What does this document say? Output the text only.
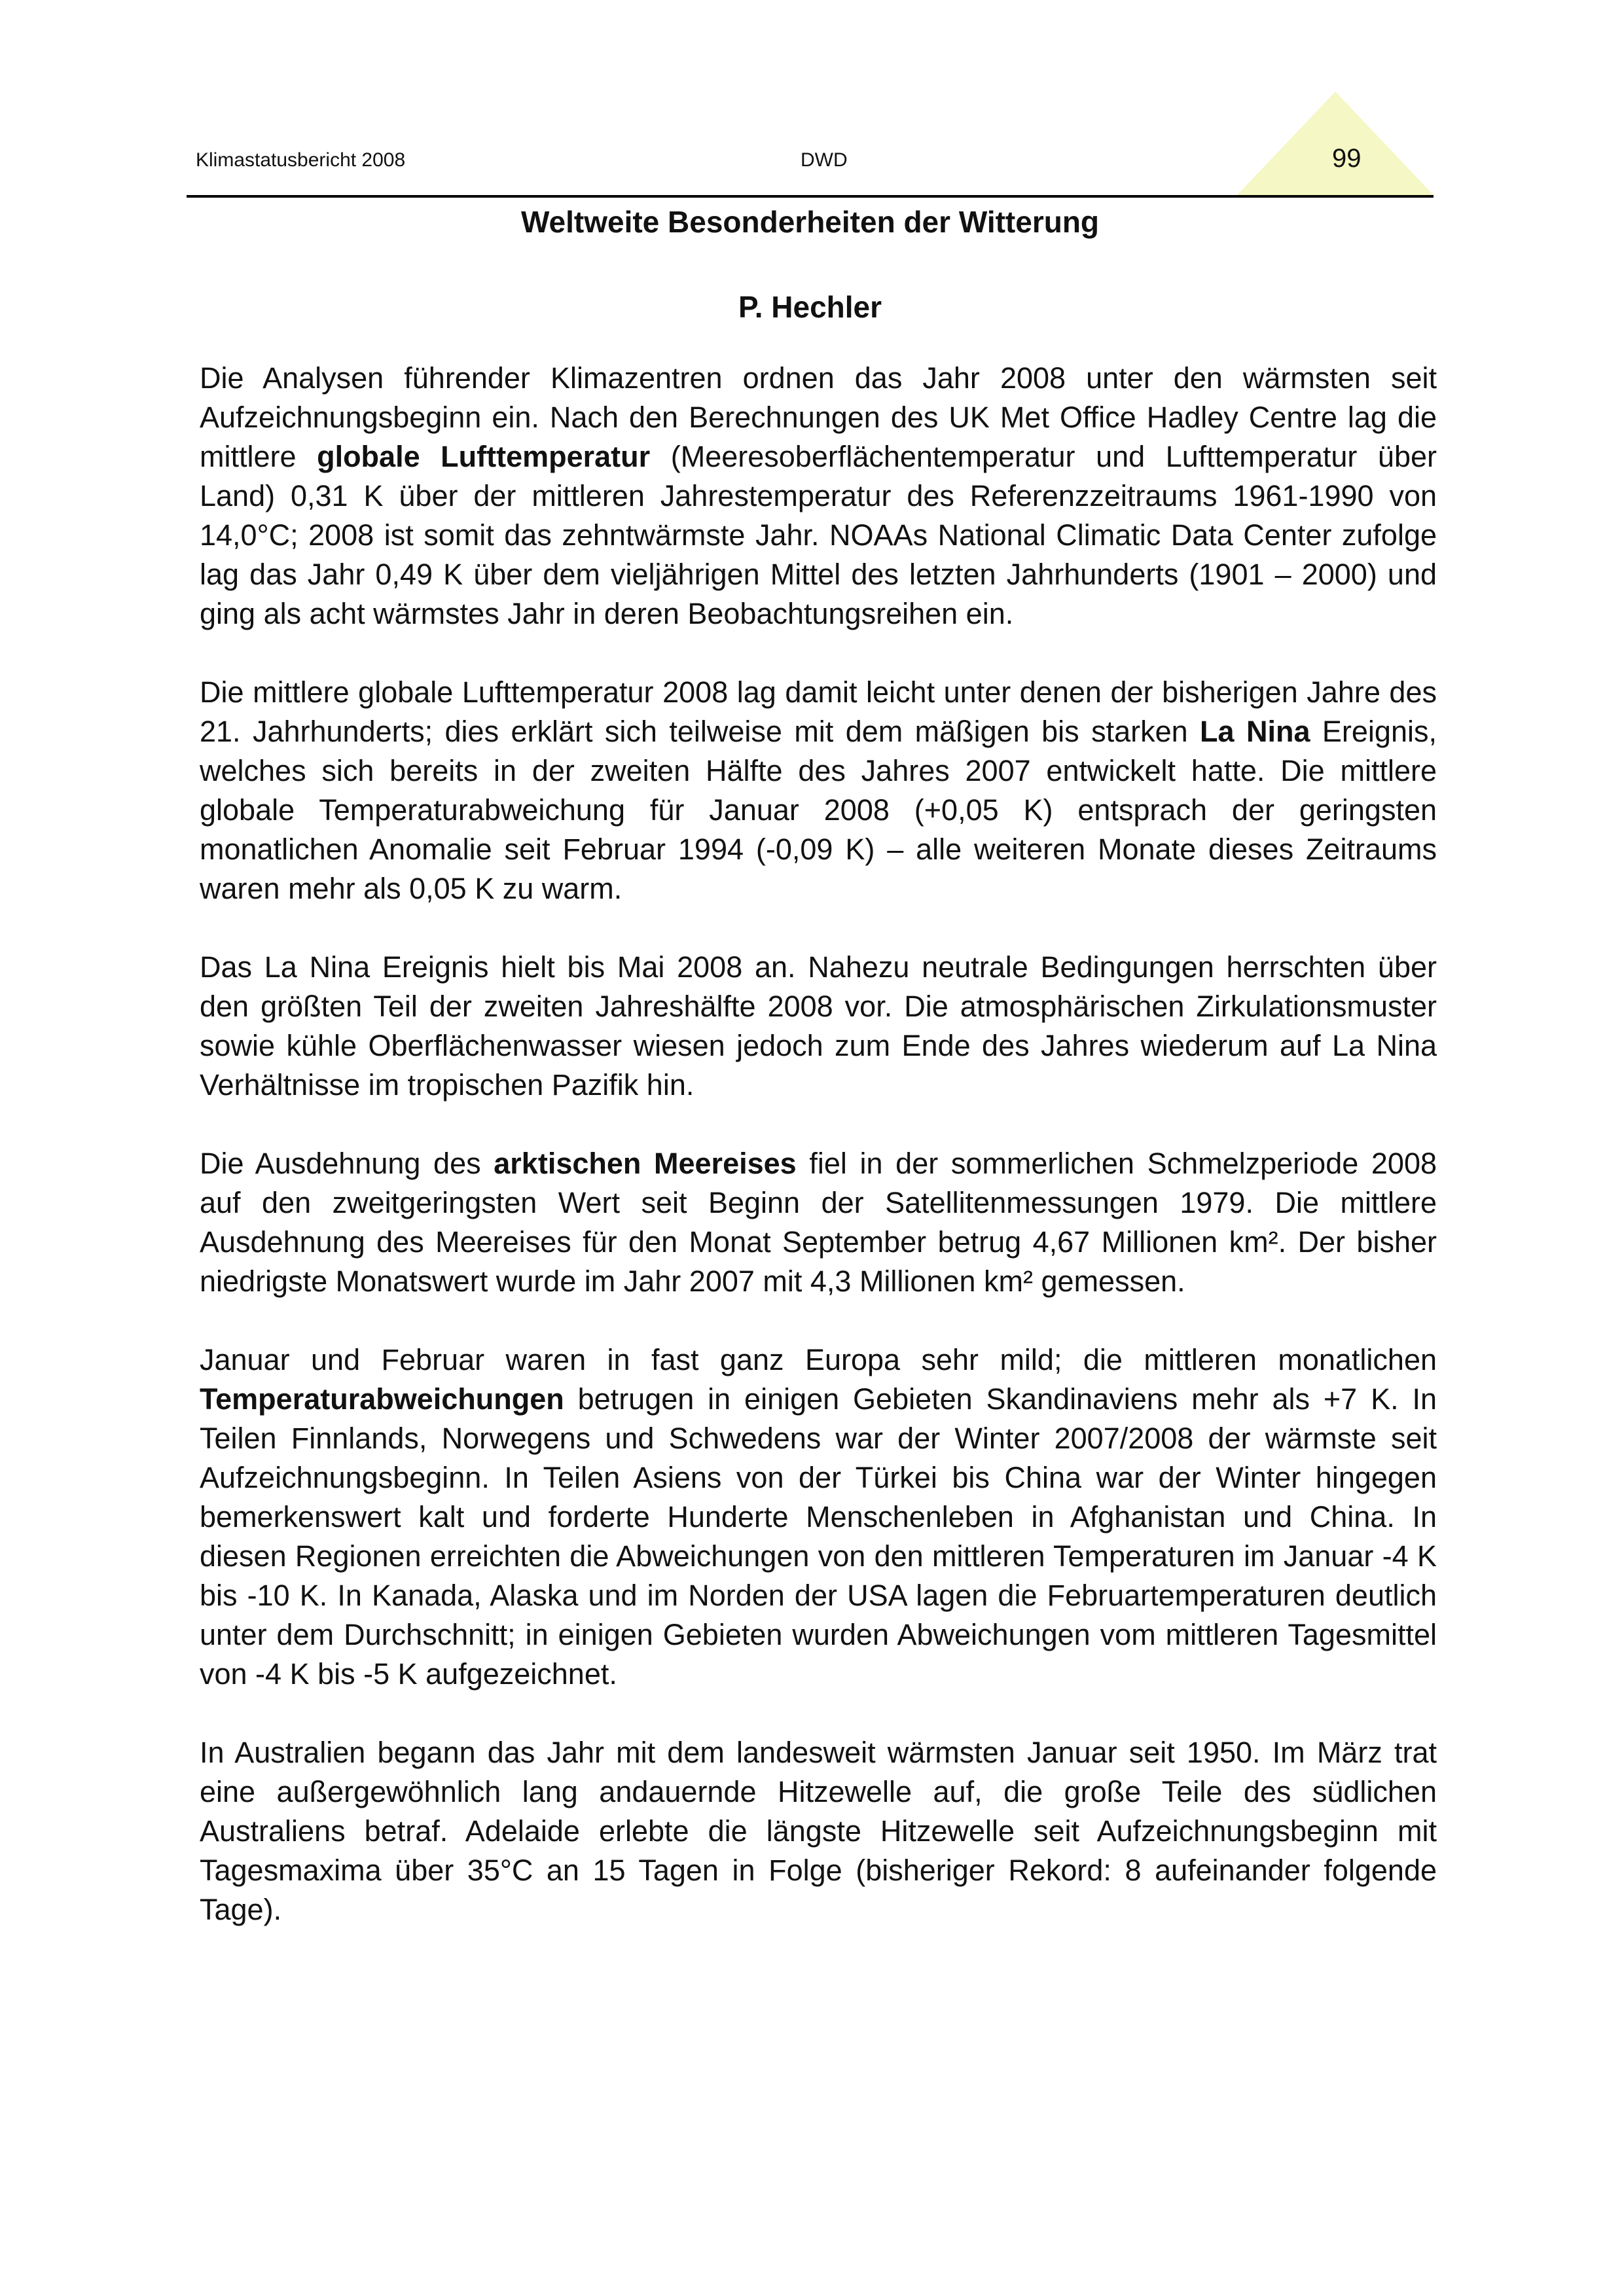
Klimastatusbericht 2008	DWD	99
Weltweite Besonderheiten der Witterung
P. Hechler

Die Analysen führender Klimazentren ordnen das Jahr 2008 unter den wärmsten seit Aufzeichnungsbeginn ein. Nach den Berechnungen des UK Met Office Hadley Centre lag die mittlere globale Lufttemperatur (Meeresoberflächentemperatur und Lufttemperatur über Land) 0,31 K über der mittleren Jahrestemperatur des Referenzzeitraums 1961-1990 von 14,0°C; 2008 ist somit das zehntwärmste Jahr. NOAAs National Climatic Data Center zufolge lag das Jahr 0,49 K über dem vieljährigen Mittel des letzten Jahrhunderts (1901 – 2000) und ging als acht wärmstes Jahr in deren Beobachtungsreihen ein.

Die mittlere globale Lufttemperatur 2008 lag damit leicht unter denen der bisherigen Jahre des 21. Jahrhunderts; dies erklärt sich teilweise mit dem mäßigen bis starken La Nina Ereignis, welches sich bereits in der zweiten Hälfte des Jahres 2007 entwickelt hatte. Die mittlere globale Temperaturabweichung für Januar 2008 (+0,05 K) entsprach der geringsten monatlichen Anomalie seit Februar 1994 (-0,09 K) – alle weiteren Monate dieses Zeitraums waren mehr als 0,05 K zu warm.

Das La Nina Ereignis hielt bis Mai 2008 an. Nahezu neutrale Bedingungen herrschten über den größten Teil der zweiten Jahreshälfte 2008 vor. Die atmosphärischen Zirkulationsmuster sowie kühle Oberflächenwasser wiesen jedoch zum Ende des Jahres wiederum auf La Nina Verhältnisse im tropischen Pazifik hin.

Die Ausdehnung des arktischen Meereises fiel in der sommerlichen Schmelzperiode 2008 auf den zweitgeringsten Wert seit Beginn der Satellitenmessungen 1979. Die mittlere Ausdehnung des Meereises für den Monat September betrug 4,67 Millionen km². Der bisher niedrigste Monatswert wurde im Jahr 2007 mit 4,3 Millionen km² gemessen.

Januar und Februar waren in fast ganz Europa sehr mild; die mittleren monatlichen Temperaturabweichungen betrugen in einigen Gebieten Skandinaviens mehr als +7 K. In Teilen Finnlands, Norwegens und Schwedens war der Winter 2007/2008 der wärmste seit Aufzeichnungsbeginn. In Teilen Asiens von der Türkei bis China war der Winter hingegen bemerkenswert kalt und forderte Hunderte Menschenleben in Afghanistan und China. In diesen Regionen erreichten die Abweichungen von den mittleren Temperaturen im Januar -4 K bis -10 K. In Kanada, Alaska und im Norden der USA lagen die Februartemperaturen deutlich unter dem Durchschnitt; in einigen Gebieten wurden Abweichungen vom mittleren Tagesmittel von -4 K bis -5 K aufgezeichnet.

In Australien begann das Jahr mit dem landesweit wärmsten Januar seit 1950. Im März trat eine außergewöhnlich lang andauernde Hitzewelle auf, die große Teile des südlichen Australiens betraf. Adelaide erlebte die längste Hitzewelle seit Aufzeichnungsbeginn mit Tagesmaxima über 35°C an 15 Tagen in Folge (bisheriger Rekord: 8 aufeinander folgende Tage).
